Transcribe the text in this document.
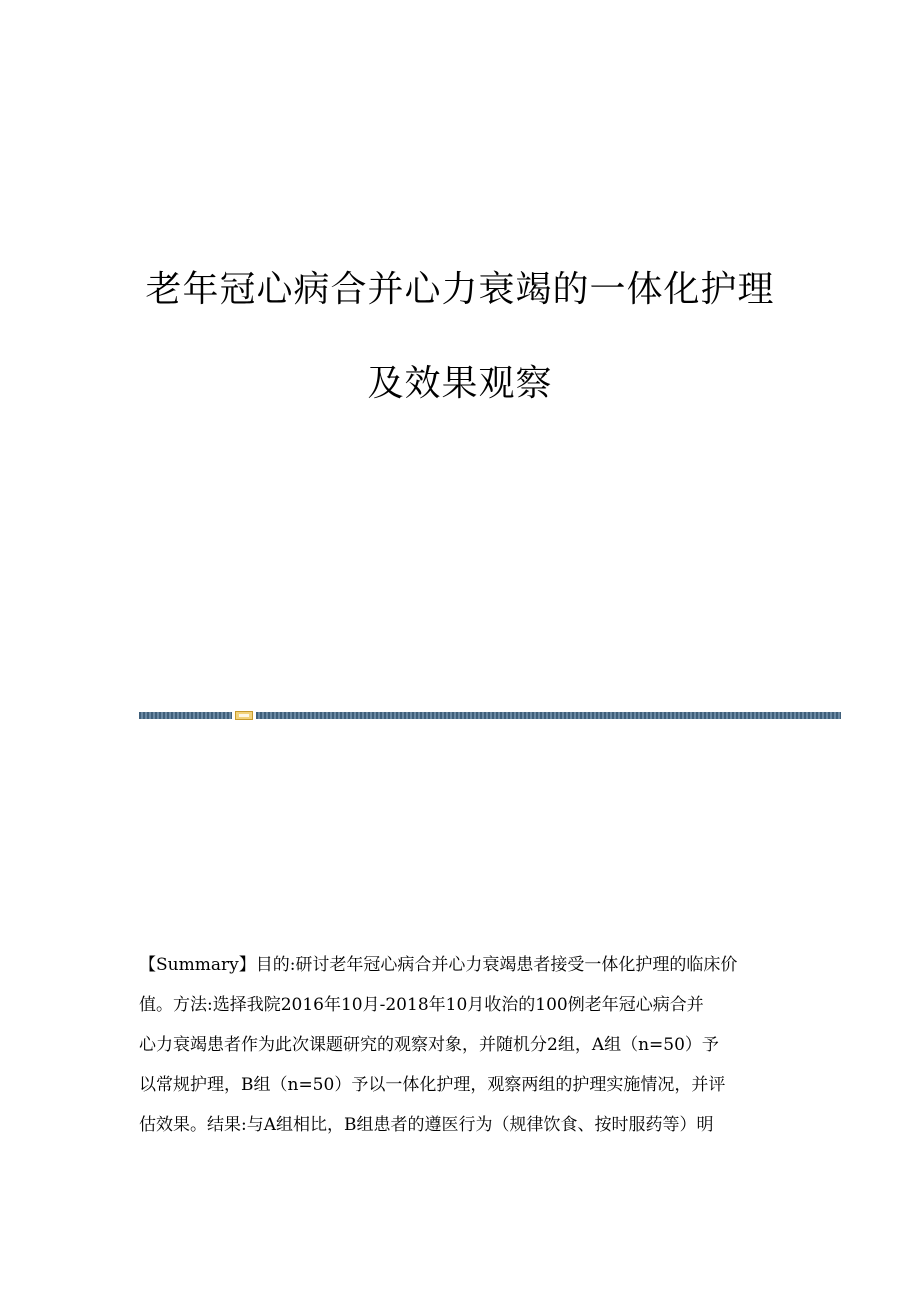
老年冠心病合并心力衰竭的一体化护理
及效果观察
【Summary】目的:研讨老年冠心病合并心力衰竭患者接受一体化护理的临床价
值。方法:选择我院2016年10月-2018年10月收治的100例老年冠心病合并
心力衰竭患者作为此次课题研究的观察对象，并随机分2组，A组（n=50）予
以常规护理，B组（n=50）予以一体化护理，观察两组的护理实施情况，并评
估效果。结果:与A组相比，B组患者的遵医行为（规律饮食、按时服药等）明
